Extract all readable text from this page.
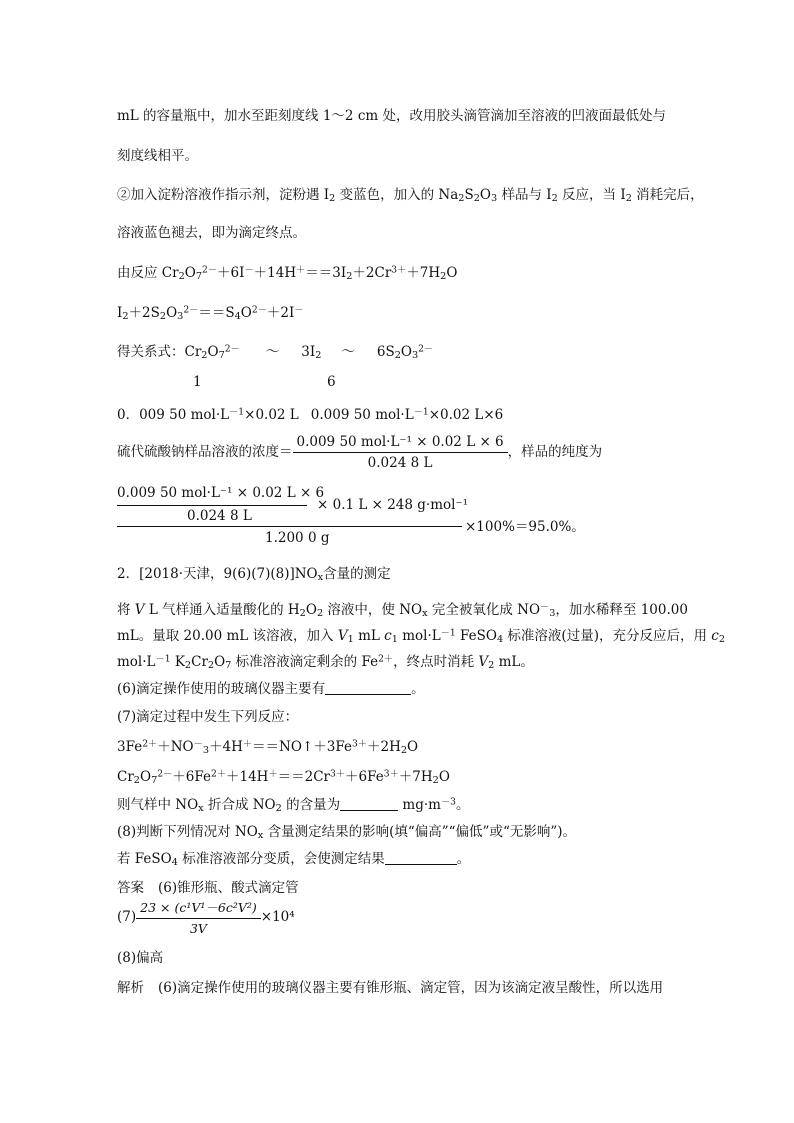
mL 的容量瓶中，加水至距刻度线 1～2 cm 处，改用胶头滴管滴加至溶液的凹液面最低处与
刻度线相平。
②加入淀粉溶液作指示剂，淀粉遇 $I_2$ 变蓝色，加入的 $Na_2S_2O_3$ 样品与 $I_2$ 反应，当 $I_2$ 消耗完后，
溶液蓝色褪去，即为滴定终点。
由反应 $Cr_2O_7^{2-}+6I^-+14H^+==3I_2+2Cr^{3+}+7H_2O$
$I_2+2S_2O_3^{2-}==S_4O^{2-}+2I^-$
得关系式：$Cr_2O_7^{2-}$ ～ $3I_2$ ～ $6S_2O_3^{2-}$
1	6
0．009 50 $mol\cdot L^{-1}\times 0.02$ L 0.009 50 $mol\cdot L^{-1}\times 0.02$ L×6
硫代硫酸钠样品溶液的浓度＝ $\frac{\text{0.009 50 mol·L⁻¹ × 0.02 L × 6}}{0.024 8 L}$ ，样品的纯度为
0.009 50 mol·L⁻¹ × 0.02 L × 6
0.024 8 L
× 0.1 L × 248 g·mol⁻¹
1.200 0 g
×100%＝95.0%。
2．[2018·天津，$9(6)(7)(8)]NO_x$含量的测定
将 V L 气样通入适量酸化的 $H_2O_2$ 溶液中，使 $NO_x$ 完全被氧化成 $NO^-_3$，加水稀释至 100.00
mL。量取 20.00 mL 该溶液，加入 $V_1$ mL $c_1$ $mol\cdot L^{-1}$ FeSO$_4$ 标准溶液(过量)，充分反应后，用 $c_2$
$mol\cdot L^{-1}$ $K_2Cr_2O_7$ 标准溶液滴定剩余的 $Fe^{2+}$，终点时消耗 $V_2$ mL。
(6)滴定操作使用的玻璃仪器主要有	。
(7)滴定过程中发生下列反应：
$3Fe^{2+}+NO^-_3+4H^+==NO↑+3Fe^{3+}+2H_2O$
$Cr_2O_7^{2-}+6Fe^{2+}+14H^+==2Cr^{3+}+6Fe^{3+}+7H_2O$
则气样中 $NO_x$ 折合成 $NO_2$ 的含量为	$mg\cdot m^{-3}$。
(8)判断下列情况对 $NO_x$ 含量测定结果的影响(填“偏高”“偏低”或“无影响”)。
若 FeSO$_4$ 标准溶液部分变质，会使测定结果	。
答案 (6)锥形瓶、酸式滴定管
$(7) \frac{\text{23 × (c¹V¹－6c²V²)}}{3V} \times 10^4$
(8)偏高
解析 (6)滴定操作使用的玻璃仪器主要有锥形瓶、滴定管，因为该滴定液呈酸性，所以选用
